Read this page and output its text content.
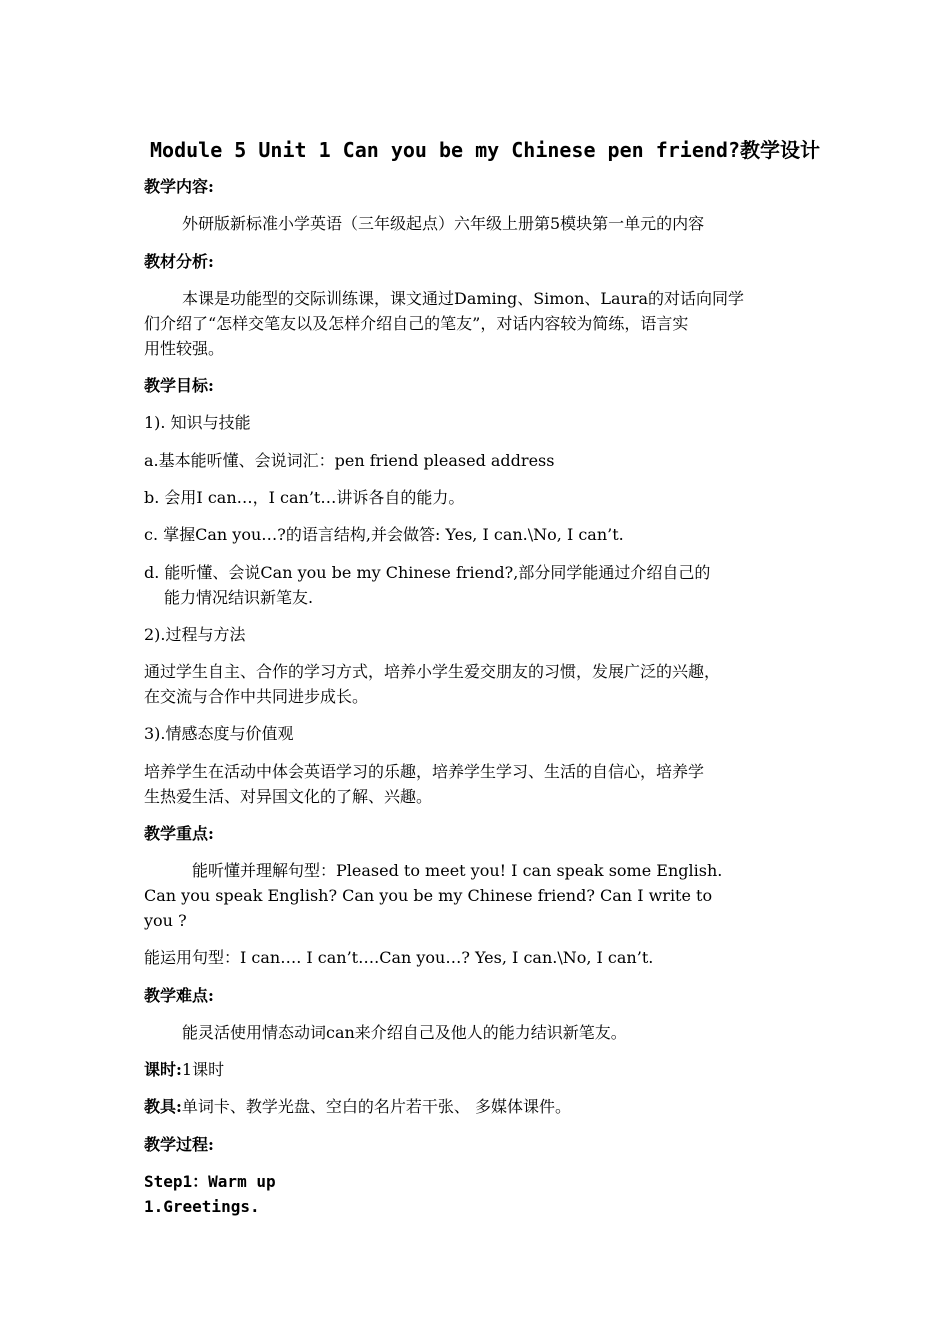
Module 5 Unit 1 Can you be my Chinese pen friend?教学设计
教学内容:
外研版新标准小学英语（三年级起点）六年级上册第5模块第一单元的内容
教材分析:
本课是功能型的交际训练课，课文通过Daming、Simon、Laura的对话向同学
们介绍了“怎样交笔友以及怎样介绍自己的笔友”，对话内容较为简练，语言实
用性较强。
教学目标:
1). 知识与技能
a.基本能听懂、会说词汇：pen friend pleased address
b. 会用I can…，I can’t…讲诉各自的能力。
c. 掌握Can you…?的语言结构,并会做答: Yes, I can.\No, I can’t.
d. 能听懂、会说Can you be my Chinese friend?,部分同学能通过介绍自己的
能力情况结识新笔友.
2).过程与方法
通过学生自主、合作的学习方式，培养小学生爱交朋友的习惯，发展广泛的兴趣，
在交流与合作中共同进步成长。
3).情感态度与价值观
培养学生在活动中体会英语学习的乐趣，培养学生学习、生活的自信心，培养学
生热爱生活、对异国文化的了解、兴趣。
教学重点:
能听懂并理解句型：Pleased to meet you! I can speak some English.
Can you speak English? Can you be my Chinese friend? Can I write to
you ?
能运用句型：I can…. I can’t….Can you…? Yes, I can.\No, I can’t.
教学难点:
能灵活使用情态动词can来介绍自己及他人的能力结识新笔友。
课时:1课时
教具:单词卡、教学光盘、空白的名片若干张、 多媒体课件。
教学过程:
Step1：Warm up
1.Greetings.
